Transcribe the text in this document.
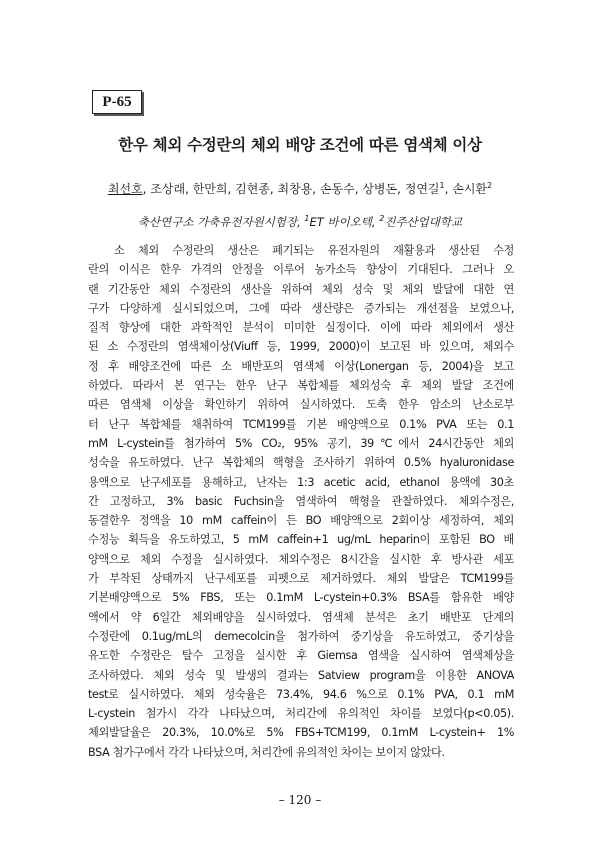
P-65
한우 체외 수정란의 체외 배양 조건에 따른 염색체 이상
최선호, 조상래, 한만희, 김현종, 최창용, 손동수, 상병돈, 정연길$^1$, 손시환$^2$
축산연구소 가축유전자원시험장, $^1$ET 바이오텍, $^2$진주산업대학교
소 체외 수정란의 생산은 폐기되는 유전자원의 재활용과 생산된 수정
란의 이식은 한우 가격의 안정을 이루어 농가소득 향상이 기대된다. 그러나 오
랜 기간동안 체외 수정란의 생산을 위하여 체외 성숙 및 체외 발달에 대한 연
구가 다양하게 실시되었으며, 그에 따라 생산량은 증가되는 개선점을 보였으나,
질적 향상에 대한 과학적인 분석이 미미한 실정이다. 이에 따라 체외에서 생산
된 소 수정란의 염색체이상(Viuff 등, 1999, 2000)이 보고된 바 있으며, 체외수
정 후 배양조건에 따른 소 배반포의 염색체 이상(Lonergan 등, 2004)을 보고
하였다. 따라서 본 연구는 한우 난구 복합체를 체외성숙 후 체외 발달 조건에
따른 염색체 이상을 확인하기 위하여 실시하였다. 도축 한우 암소의 난소로부
터 난구 복합체를 채취하여 TCM199를 기본 배양액으로 0.1% PVA 또는 0.1
mM L-cystein를 첨가하여 5% CO₂, 95% 공기, 39℃에서 24시간동안 체외
성숙을 유도하였다. 난구 복합체의 핵형을 조사하기 위하여 0.5% hyaluronidase
용액으로 난구세포를 용해하고, 난자는 1:3 acetic acid, ethanol 용액에 30초
간 고정하고, 3% basic Fuchsin을 염색하여 핵형을 관찰하였다. 체외수정은,
동결한우 정액을 10 mM caffein이 든 BO 배양액으로 2회이상 세정하여, 체외
수정능 획득을 유도하였고, 5 mM caffein+1 ug/mL heparin이 포함된 BO 배
양액으로 체외 수정을 실시하였다. 체외수정은 8시간을 실시한 후 방사관 세포
가 부착된 상태까지 난구세포를 피펫으로 제거하였다. 체외 발달은 TCM199를
기본배양액으로 5% FBS, 또는 0.1mM L-cystein+0.3% BSA를 함유한 배양
액에서 약 6일간 체외배양을 실시하였다. 염색체 분석은 초기 배반포 단계의
수정란에 0.1ug/mL의 demecolcin을 첨가하여 중기상을 유도하였고, 중기상을
유도한 수정란은 탈수 고정을 실시한 후 Giemsa 염색을 실시하여 염색체상을
조사하였다. 체외 성숙 및 발생의 결과는 Satview program을 이용한 ANOVA
test로 실시하였다. 체외 성숙율은 73.4%, 94.6 %으로 0.1% PVA, 0.1 mM
L-cystein 첨가시 각각 나타났으며, 처리간에 유의적인 차이를 보였다(p<0.05).
체외발달율은 20.3%, 10.0%로 5% FBS+TCM199, 0.1mM L-cystein+ 1%
BSA 첨가구에서 각각 나타났으며, 처리간에 유의적인 차이는 보이지 않았다.
– 120 –
